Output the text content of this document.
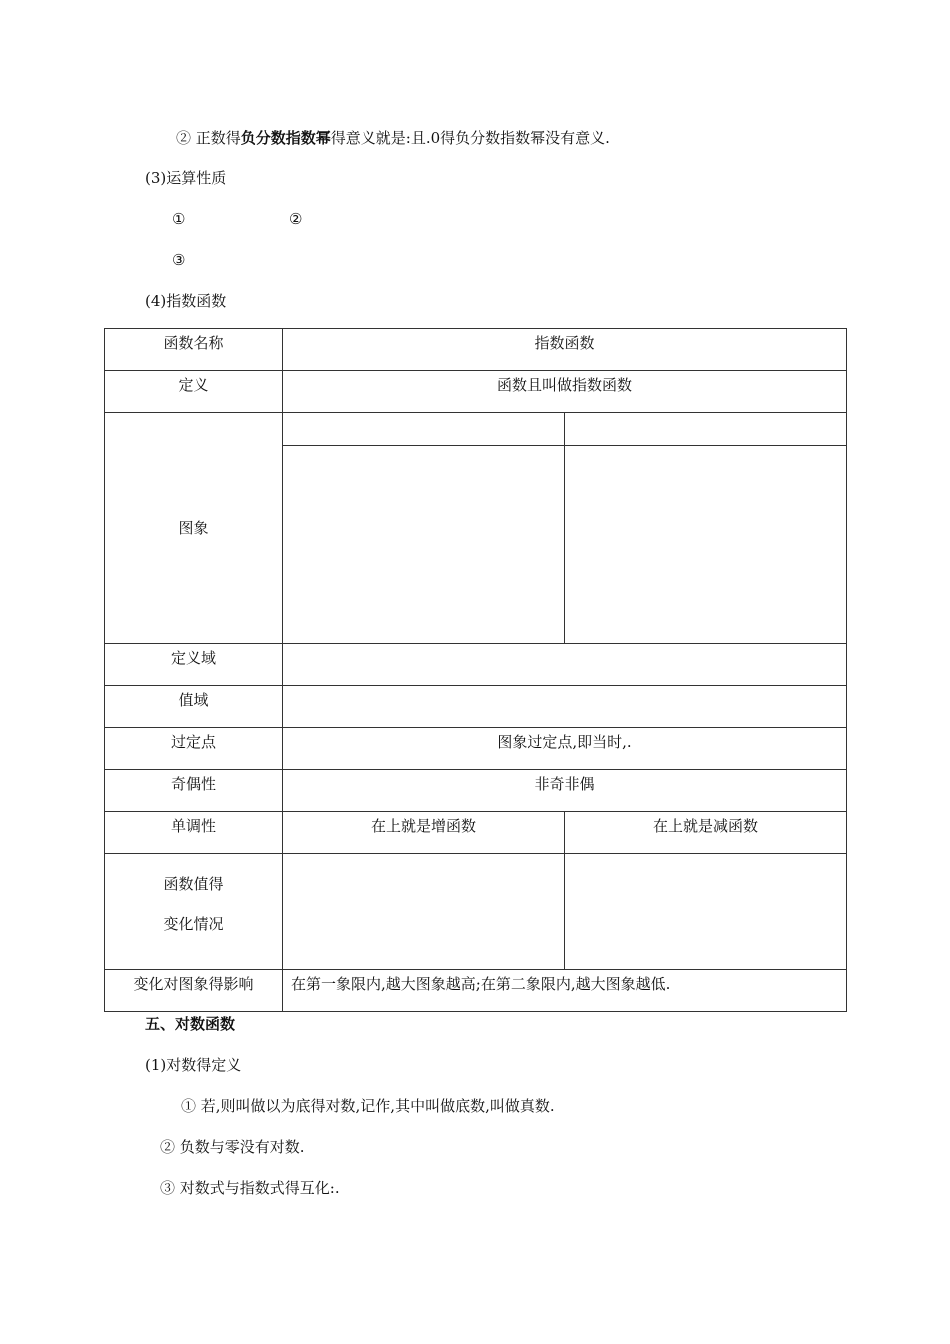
② 正数得负分数指数幂得意义就是:且.0得负分数指数幂没有意义.
(3)运算性质
①	②
③
(4)指数函数
函数名称	指数函数	
定义	函数且叫做指数函数	
图象		

定义域		
值域		
过定点	图象过定点,即当时,.	
奇偶性	非奇非偶	
单调性	在上就是增函数	在上就是减函数

函数值得
变化情况		

变化对图象得影响	在第一象限内,越大图象越高;在第二象限内,越大图象越低.	
五、对数函数
(1)对数得定义
① 若,则叫做以为底得对数,记作,其中叫做底数,叫做真数.
② 负数与零没有对数.
③ 对数式与指数式得互化:.
